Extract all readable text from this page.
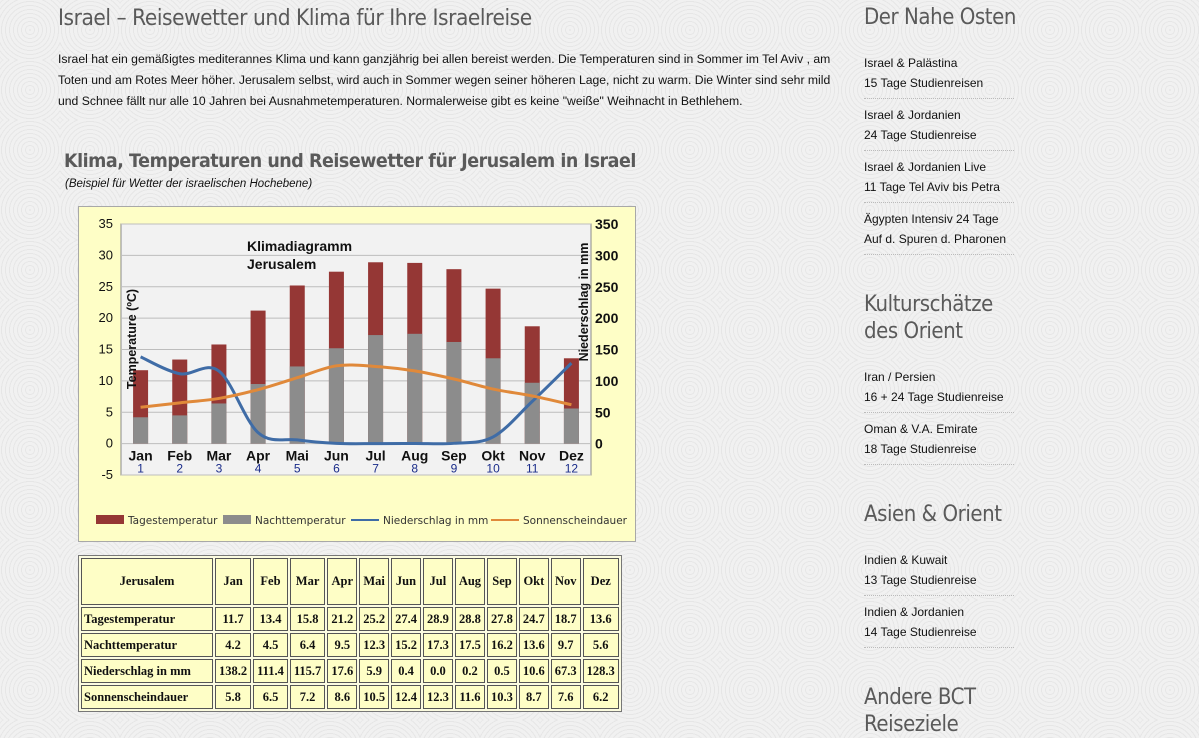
Israel – Reisewetter und Klima für Ihre Israelreise

Israel hat ein gemäßigtes mediterannes Klima und kann ganzjährig bei allen bereist werden. Die Temperaturen sind in Sommer im Tel Aviv , am Toten und am Rotes Meer höher. Jerusalem selbst, wird auch in Sommer wegen seiner höheren Lage, nicht zu warm. Die Winter sind sehr mild und Schnee fällt nur alle 10 Jahren bei Ausnahmetemperaturen. Normalerweise gibt es keine "weiße" Weihnacht in Bethlehem.

Klima, Temperaturen und Reisewetter für Jerusalem in Israel
(Beispiel für Wetter der israelischen Hochebene)
-5
0
5
10
15
20
25
30
35
0
50
100
150
200
250
300
350
Klimadiagramm
Jerusalem
Temperature (ºC)	Niederschlag in mm
Jan
1
Feb
2
Mar
3
Apr
4
Mai
5
Jun
6
Jul
7
Aug
8
Sep
9
Okt
10
Nov
11
Dez
12
Tagestemperatur	Nachttemperatur	Niederschlag in mm	Sonnenscheindauer
Jerusalem	Jan	Feb	Mar	Apr	Mai	Jun	Jul	Aug	Sep	Okt	Nov	Dez
Tagestemperatur	11.7	13.4	15.8	21.2	25.2	27.4	28.9	28.8	27.8	24.7	18.7	13.6
Nachttemperatur	4.2	4.5	6.4	9.5	12.3	15.2	17.3	17.5	16.2	13.6	9.7	5.6
Niederschlag in mm	138.2	111.4	115.7	17.6	5.9	0.4	0.0	0.2	0.5	10.6	67.3	128.3
Sonnenscheindauer	5.8	6.5	7.2	8.6	10.5	12.4	12.3	11.6	10.3	8.7	7.6	6.2
Der Nahe Osten
Israel & Palästina
15 Tage Studienreisen
Israel & Jordanien
24 Tage Studienreise
Israel & Jordanien Live
11 Tage Tel Aviv bis Petra
Ägypten Intensiv 24 Tage
Auf d. Spuren d. Pharonen
Kulturschätze
des Orient
Iran / Persien
16 + 24 Tage Studienreise
Oman & V.A. Emirate
18 Tage Studienreise
Asien & Orient
Indien & Kuwait
13 Tage Studienreise
Indien & Jordanien
14 Tage Studienreise
Andere BCT
Reiseziele
